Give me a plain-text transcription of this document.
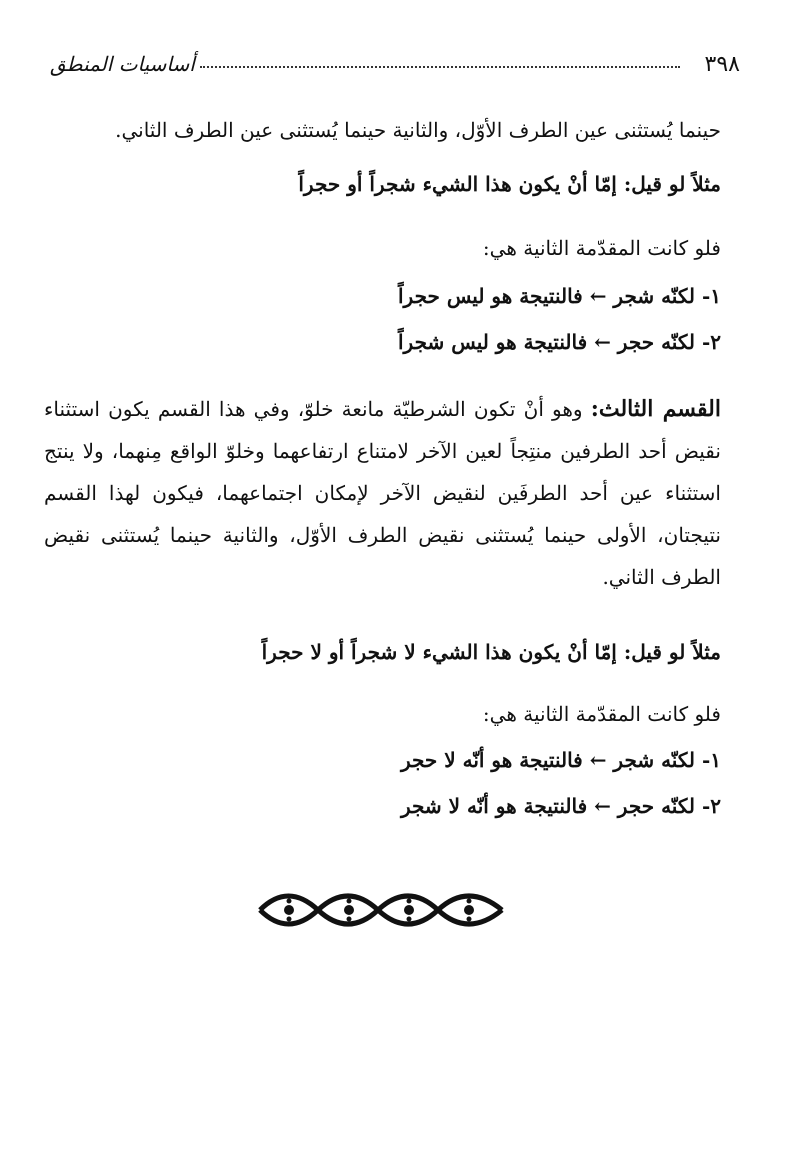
٣٩٨
أساسيات المنطق
حينما يُستثنى عين الطرف الأوّل، والثانية حينما يُستثنى عين الطرف الثاني.
مثلاً لو قيل: إمّا أنْ يكون هذا الشيء شجراً أو حجراً
فلو كانت المقدّمة الثانية هي:
١- لكنّه شجر ← فالنتيجة هو ليس حجراً
٢- لكنّه حجر ← فالنتيجة هو ليس شجراً
القسم الثالث: وهو أنْ تكون الشرطيّة مانعة خلوّ، وفي هذا القسم يكون استثناء نقيض أحد الطرفين منتِجاً لعين الآخر لامتناع ارتفاعهما وخلوّ الواقع مِنهما، ولا ينتج استثناء عين أحد الطرفَين لنقيض الآخر لإمكان اجتماعهما، فيكون لهذا القسم نتيجتان، الأولى حينما يُستثنى نقيض الطرف الأوّل، والثانية حينما يُستثنى نقيض الطرف الثاني.
مثلاً لو قيل: إمّا أنْ يكون هذا الشيء لا شجراً أو لا حجراً
فلو كانت المقدّمة الثانية هي:
١- لكنّه شجر ← فالنتيجة هو أنّه لا حجر
٢- لكنّه حجر ← فالنتيجة هو أنّه لا شجر
